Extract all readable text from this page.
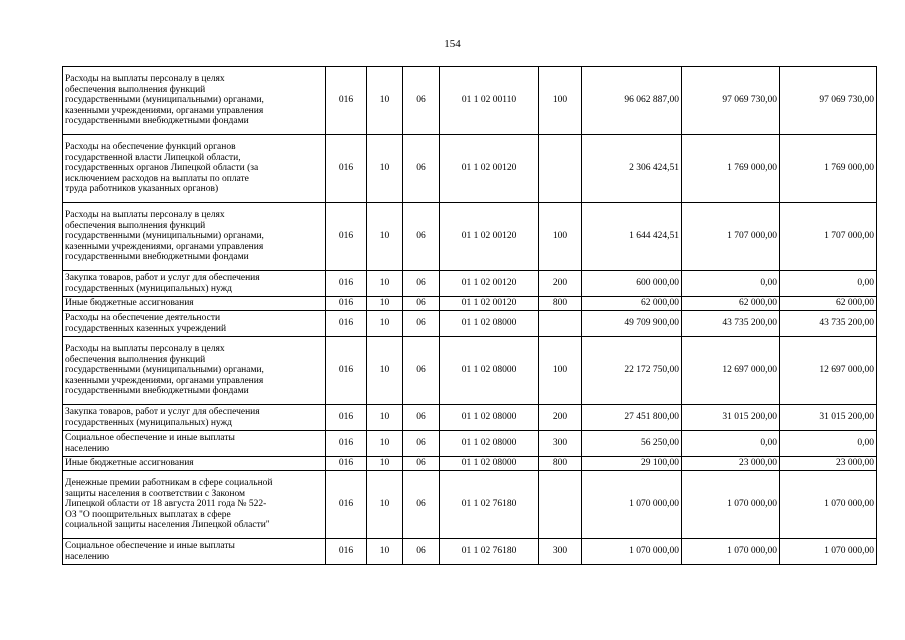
154
Расходы на выплаты персоналу в целях
обеспечения выполнения функций
государственными (муниципальными) органами,
казенными учреждениями, органами управления
государственными внебюджетными фондами	016	10	06	01 1 02 00110	100	96 062 887,00	97 069 730,00	97 069 730,00

Расходы на обеспечение функций органов
государственной власти Липецкой области,
государственных органов Липецкой области (за
исключением расходов на выплаты по оплате
труда работников указанных органов)	016	10	06	01 1 02 00120		2 306 424,51	1 769 000,00	1 769 000,00

Расходы на выплаты персоналу в целях
обеспечения выполнения функций
государственными (муниципальными) органами,
казенными учреждениями, органами управления
государственными внебюджетными фондами	016	10	06	01 1 02 00120	100	1 644 424,51	1 707 000,00	1 707 000,00

Закупка товаров, работ и услуг для обеспечения
государственных (муниципальных) нужд	016	10	06	01 1 02 00120	200	600 000,00	0,00	0,00

Иные бюджетные ассигнования	016	10	06	01 1 02 00120	800	62 000,00	62 000,00	62 000,00

Расходы на обеспечение деятельности
государственных казенных учреждений	016	10	06	01 1 02 08000		49 709 900,00	43 735 200,00	43 735 200,00

Расходы на выплаты персоналу в целях
обеспечения выполнения функций
государственными (муниципальными) органами,
казенными учреждениями, органами управления
государственными внебюджетными фондами	016	10	06	01 1 02 08000	100	22 172 750,00	12 697 000,00	12 697 000,00

Закупка товаров, работ и услуг для обеспечения
государственных (муниципальных) нужд	016	10	06	01 1 02 08000	200	27 451 800,00	31 015 200,00	31 015 200,00

Социальное обеспечение и иные выплаты
населению	016	10	06	01 1 02 08000	300	56 250,00	0,00	0,00

Иные бюджетные ассигнования	016	10	06	01 1 02 08000	800	29 100,00	23 000,00	23 000,00

Денежные премии работникам в сфере социальной
защиты населения в соответствии с Законом
Липецкой области от 18 августа 2011 года № 522-
ОЗ "О поощрительных выплатах в сфере
социальной защиты населения Липецкой области"	016	10	06	01 1 02 76180		1 070 000,00	1 070 000,00	1 070 000,00

Социальное обеспечение и иные выплаты
населению	016	10	06	01 1 02 76180	300	1 070 000,00	1 070 000,00	1 070 000,00
